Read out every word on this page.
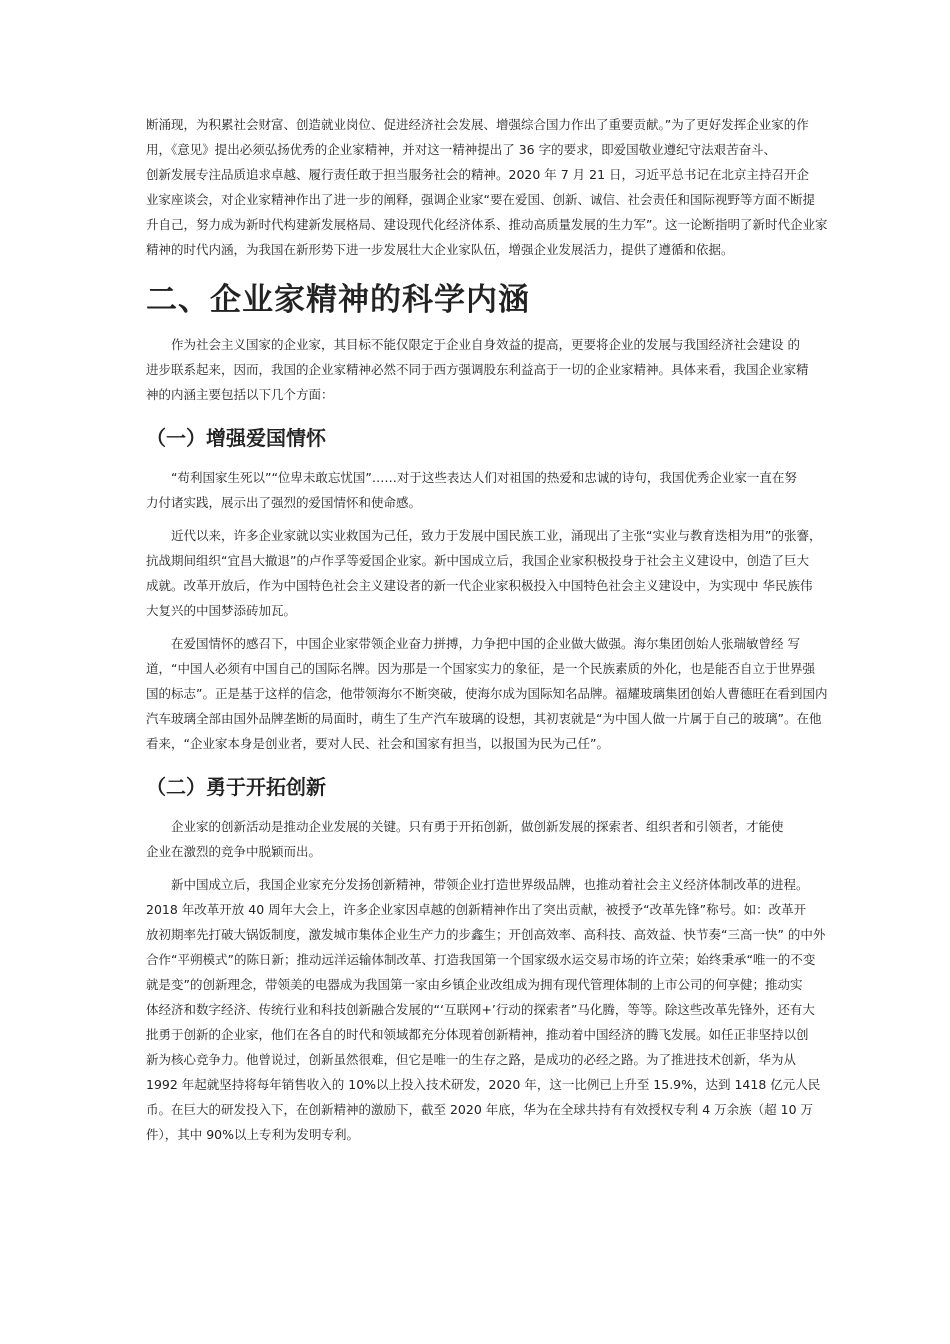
断涌现，为积累社会财富、创造就业岗位、促进经济社会发展、增强综合国力作出了重要贡献。”为了更好发挥企业家的作

用，《意见》提出必须弘扬优秀的企业家精神，并对这一精神提出了 36 字的要求，即爱国敬业遵纪守法艰苦奋斗、

创新发展专注品质追求卓越、履行责任敢于担当服务社会的精神。2020 年 7 月 21 日，习近平总书记在北京主持召开企

业家座谈会，对企业家精神作出了进一步的阐释，强调企业家“要在爱国、创新、诚信、社会责任和国际视野等方面不断提

升自己，努力成为新时代构建新发展格局、建设现代化经济体系、推动高质量发展的生力军”。这一论断指明了新时代企业家

精神的时代内涵，为我国在新形势下进一步发展壮大企业家队伍，增强企业发展活力，提供了遵循和依据。

二、企业家精神的科学内涵

　　作为社会主义国家的企业家，其目标不能仅限定于企业自身效益的提高，更要将企业的发展与我国经济社会建设 的

进步联系起来，因而，我国的企业家精神必然不同于西方强调股东利益高于一切的企业家精神。具体来看，我国企业家精

神的内涵主要包括以下几个方面：

（一）增强爱国情怀

　　“苟利国家生死以”“位卑未敢忘忧国”……对于这些表达人们对祖国的热爱和忠诚的诗句，我国优秀企业家一直在努

力付诸实践，展示出了强烈的爱国情怀和使命感。

　　近代以来，许多企业家就以实业救国为己任，致力于发展中国民族工业，涌现出了主张“实业与教育迭相为用”的张謇，

抗战期间组织“宜昌大撤退”的卢作孚等爱国企业家。新中国成立后，我国企业家积极投身于社会主义建设中，创造了巨大

成就。改革开放后，作为中国特色社会主义建设者的新一代企业家积极投入中国特色社会主义建设中，为实现中 华民族伟

大复兴的中国梦添砖加瓦。

　　在爱国情怀的感召下，中国企业家带领企业奋力拼搏，力争把中国的企业做大做强。海尔集团创始人张瑞敏曾经 写

道，“中国人必须有中国自己的国际名牌。因为那是一个国家实力的象征，是一个民族素质的外化，也是能否自立于世界强

国的标志”。正是基于这样的信念，他带领海尔不断突破，使海尔成为国际知名品牌。福耀玻璃集团创始人曹德旺在看到国内

汽车玻璃全部由国外品牌垄断的局面时，萌生了生产汽车玻璃的设想，其初衷就是“为中国人做一片属于自己的玻璃”。在他

看来，“企业家本身是创业者，要对人民、社会和国家有担当，以报国为民为己任”。

（二）勇于开拓创新

　　企业家的创新活动是推动企业发展的关键。只有勇于开拓创新，做创新发展的探索者、组织者和引领者，才能使

企业在激烈的竞争中脱颖而出。

　　新中国成立后，我国企业家充分发扬创新精神，带领企业打造世界级品牌，也推动着社会主义经济体制改革的进程。

2018 年改革开放 40 周年大会上，许多企业家因卓越的创新精神作出了突出贡献，被授予“改革先锋”称号。如：改革开

放初期率先打破大锅饭制度，激发城市集体企业生产力的步鑫生；开创高效率、高科技、高效益、快节奏“三高一快” 的中外

合作“平朔模式”的陈日新；推动远洋运输体制改革、打造我国第一个国家级水运交易市场的许立荣；始终秉承“唯一的不变

就是变”的创新理念，带领美的电器成为我国第一家由乡镇企业改组成为拥有现代管理体制的上市公司的何享健；推动实

体经济和数字经济、传统行业和科技创新融合发展的“‘互联网+’行动的探索者”马化腾，等等。除这些改革先锋外，还有大

批勇于创新的企业家，他们在各自的时代和领域都充分体现着创新精神，推动着中国经济的腾飞发展。如任正非坚持以创

新为核心竞争力。他曾说过，创新虽然很难，但它是唯一的生存之路，是成功的必经之路。为了推进技术创新，华为从

1992 年起就坚持将每年销售收入的 10%以上投入技术研发，2020 年，这一比例已上升至 15.9%，达到 1418 亿元人民

币。在巨大的研发投入下，在创新精神的激励下，截至 2020 年底，华为在全球共持有有效授权专利 4 万余族（超 10 万

件），其中 90%以上专利为发明专利。
